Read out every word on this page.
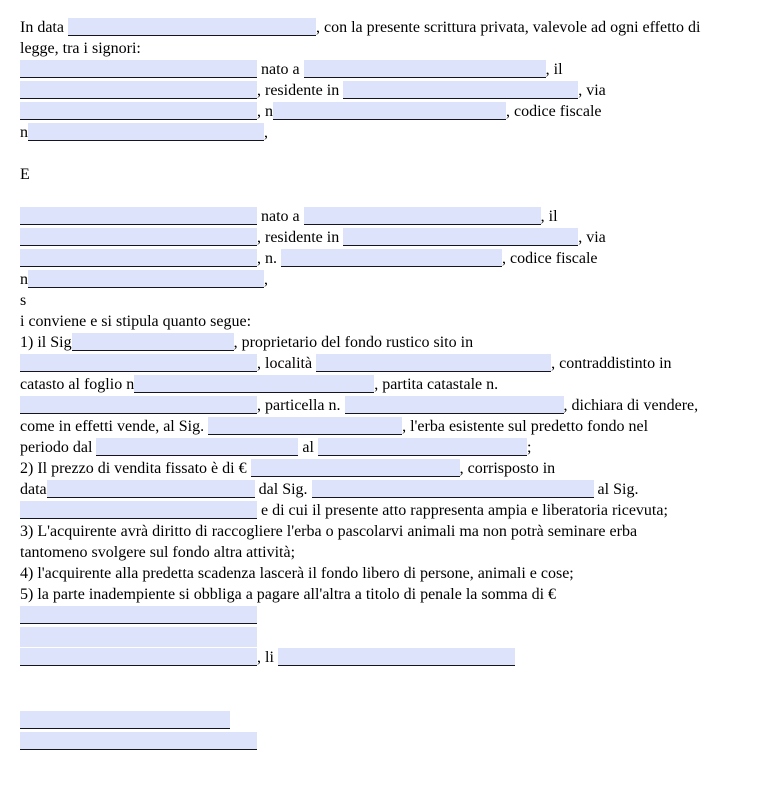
In data	, con la presente scrittura privata, valevole ad ogni effetto di
legge, tra i signori:
nato a	, il
, residente in	, via
, n	, codice fiscale
n	,

E

nato a	, il
, residente in	, via
, n.	, codice fiscale
n	,
s
i conviene e si stipula quanto segue:
1) il Sig	, proprietario del fondo rustico sito in
, località	, contraddistinto in
catasto al foglio n	, partita catastale n.
, particella n.	, dichiara di vendere,
come in effetti vende, al Sig.	, l'erba esistente sul predetto fondo nel
periodo dal	al	;
2) Il prezzo di vendita fissato è di €	, corrisposto in
data	dal Sig.	al Sig.
e di cui il presente atto rappresenta ampia e liberatoria ricevuta;
3) L'acquirente avrà diritto di raccogliere l'erba o pascolarvi animali ma non potrà seminare erba
tantomeno svolgere sul fondo altra attività;
4) l'acquirente alla predetta scadenza lascerà il fondo libero di persone, animali e cose;
5) la parte inadempiente si obbliga a pagare all'altra a titolo di penale la somma di €
, li
